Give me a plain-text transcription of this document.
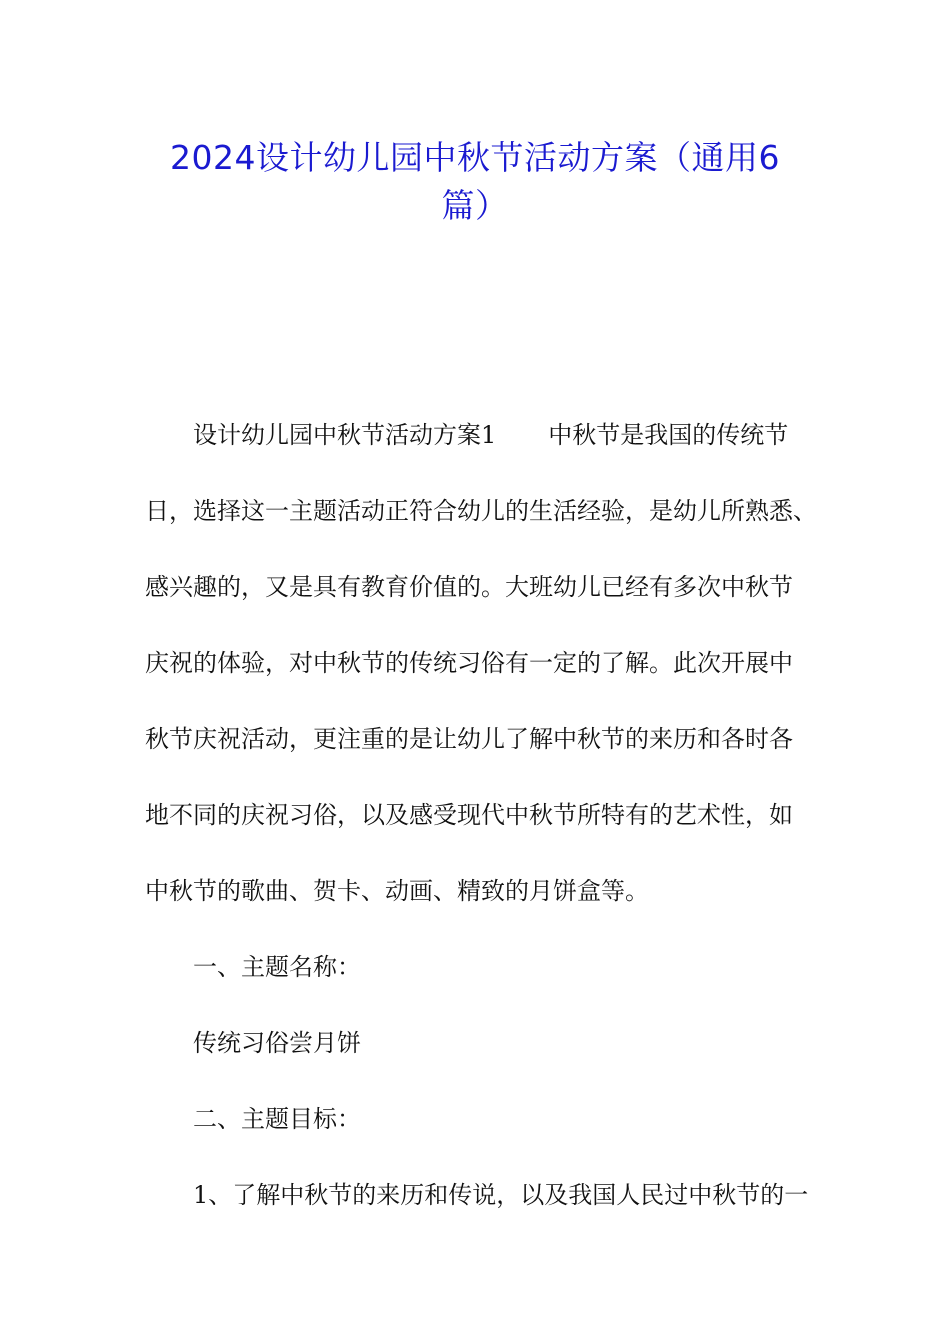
2024设计幼儿园中秋节活动方案（通用6
篇）
设计幼儿园中秋节活动方案1 中秋节是我国的传统节
日，选择这一主题活动正符合幼儿的生活经验，是幼儿所熟悉、
感兴趣的，又是具有教育价值的。大班幼儿已经有多次中秋节
庆祝的体验，对中秋节的传统习俗有一定的了解。此次开展中
秋节庆祝活动，更注重的是让幼儿了解中秋节的来历和各时各
地不同的庆祝习俗，以及感受现代中秋节所特有的艺术性，如
中秋节的歌曲、贺卡、动画、精致的月饼盒等。
一、主题名称：
传统习俗尝月饼
二、主题目标：
1、了解中秋节的来历和传说，以及我国人民过中秋节的一
